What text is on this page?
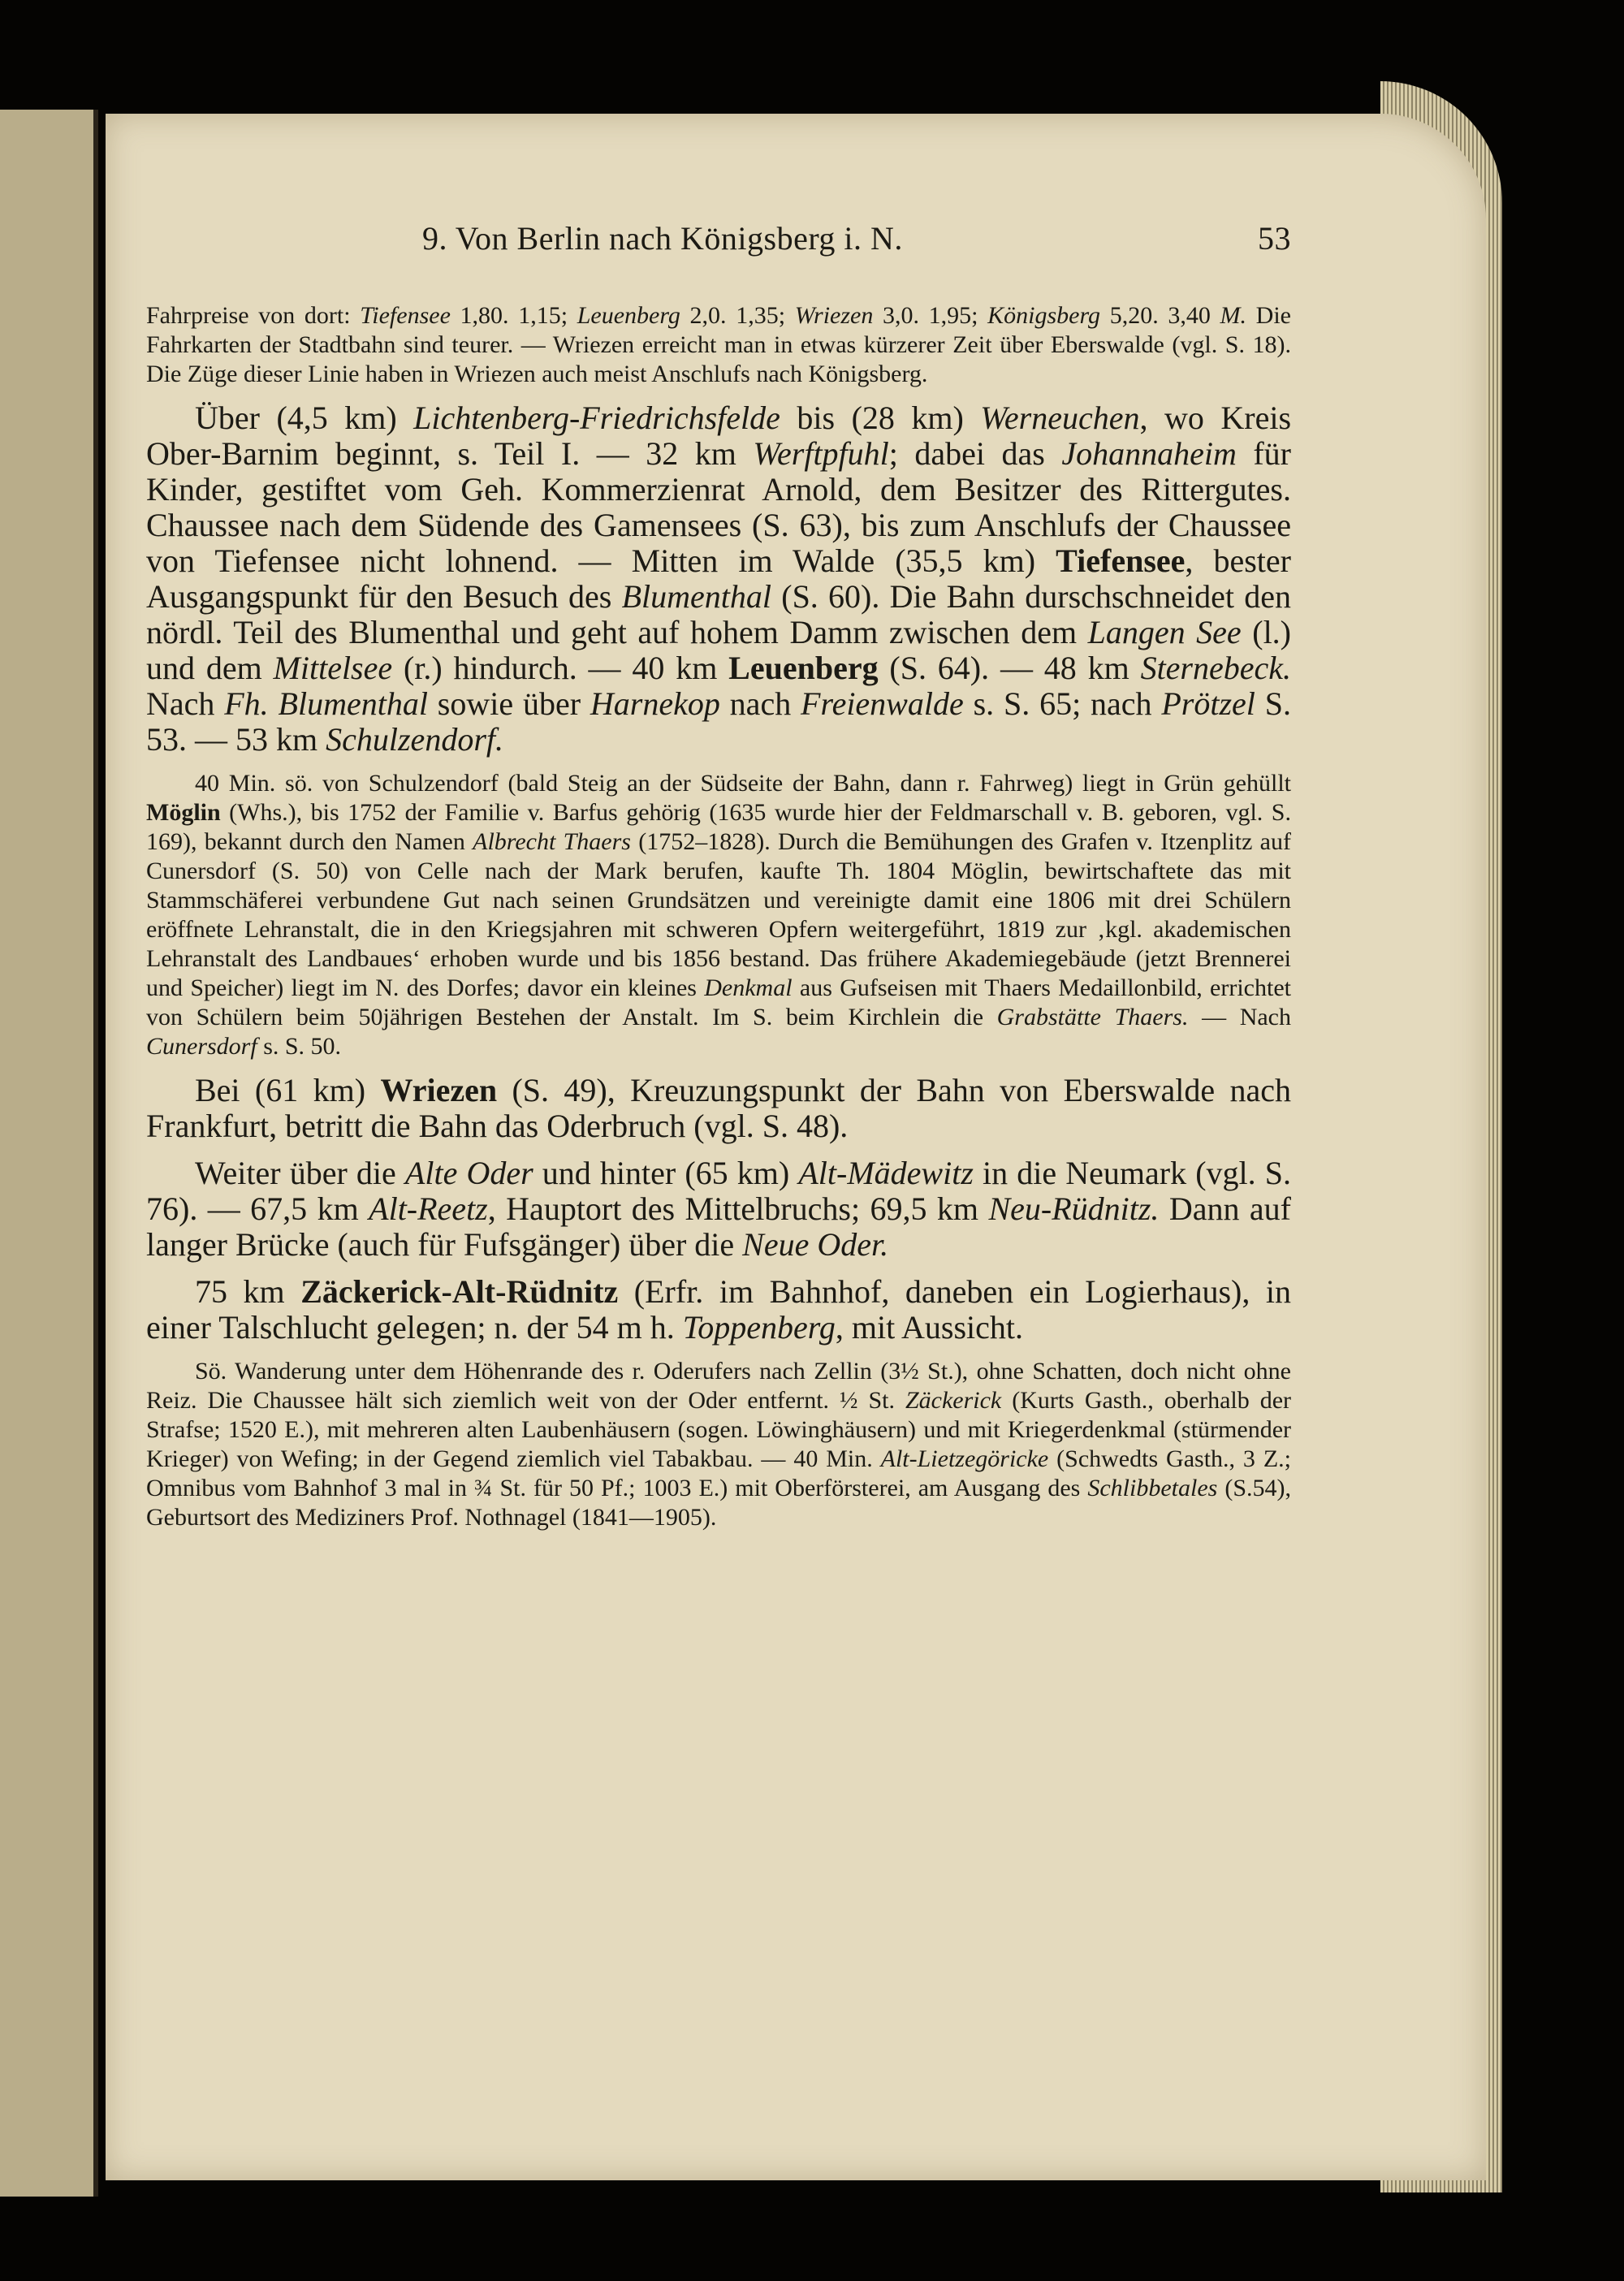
9. Von Berlin nach Königsberg i. N.	53

Fahrpreise von dort: Tiefensee 1,80. 1,15; Leuenberg 2,0. 1,35; Wriezen 3,0. 1,95; Königsberg 5,20. 3,40 M. Die Fahrkarten der Stadtbahn sind teurer. — Wriezen erreicht man in etwas kürzerer Zeit über Eberswalde (vgl. S. 18). Die Züge dieser Linie haben in Wriezen auch meist Anschlufs nach Königsberg.

Über (4,5 km) Lichtenberg-Friedrichsfelde bis (28 km) Werneuchen, wo Kreis Ober-Barnim beginnt, s. Teil I. — 32 km Werftpfuhl; dabei das Johannaheim für Kinder, gestiftet vom Geh. Kommerzienrat Arnold, dem Besitzer des Rittergutes. Chaussee nach dem Südende des Gamensees (S. 63), bis zum Anschlufs der Chaussee von Tiefensee nicht lohnend. — Mitten im Walde (35,5 km) Tiefensee, bester Ausgangspunkt für den Besuch des Blumenthal (S. 60). Die Bahn durschschneidet den nördl. Teil des Blumenthal und geht auf hohem Damm zwischen dem Langen See (l.) und dem Mittelsee (r.) hindurch. — 40 km Leuenberg (S. 64). — 48 km Sternebeck. Nach Fh. Blumenthal sowie über Harnekop nach Freienwalde s. S. 65; nach Prötzel S. 53. — 53 km Schulzendorf.

40 Min. sö. von Schulzendorf (bald Steig an der Südseite der Bahn, dann r. Fahrweg) liegt in Grün gehüllt Möglin (Whs.), bis 1752 der Familie v. Barfus gehörig (1635 wurde hier der Feldmarschall v. B. geboren, vgl. S. 169), bekannt durch den Namen Albrecht Thaers (1752–1828). Durch die Bemühungen des Grafen v. Itzenplitz auf Cunersdorf (S. 50) von Celle nach der Mark berufen, kaufte Th. 1804 Möglin, bewirtschaftete das mit Stammschäferei verbundene Gut nach seinen Grundsätzen und vereinigte damit eine 1806 mit drei Schülern eröffnete Lehranstalt, die in den Kriegsjahren mit schweren Opfern weitergeführt, 1819 zur ‚kgl. akademischen Lehranstalt des Landbaues‘ erhoben wurde und bis 1856 bestand. Das frühere Akademiegebäude (jetzt Brennerei und Speicher) liegt im N. des Dorfes; davor ein kleines Denkmal aus Gufseisen mit Thaers Medaillonbild, errichtet von Schülern beim 50jährigen Bestehen der Anstalt. Im S. beim Kirchlein die Grabstätte Thaers. — Nach Cunersdorf s. S. 50.

Bei (61 km) Wriezen (S. 49), Kreuzungspunkt der Bahn von Eberswalde nach Frankfurt, betritt die Bahn das Oderbruch (vgl. S. 48).

Weiter über die Alte Oder und hinter (65 km) Alt-Mädewitz in die Neumark (vgl. S. 76). — 67,5 km Alt-Reetz, Hauptort des Mittelbruchs; 69,5 km Neu-Rüdnitz. Dann auf langer Brücke (auch für Fufsgänger) über die Neue Oder.

75 km Zäckerick-Alt-Rüdnitz (Erfr. im Bahnhof, daneben ein Logierhaus), in einer Talschlucht gelegen; n. der 54 m h. Toppenberg, mit Aussicht.

Sö. Wanderung unter dem Höhenrande des r. Oderufers nach Zellin (3½ St.), ohne Schatten, doch nicht ohne Reiz. Die Chaussee hält sich ziemlich weit von der Oder entfernt. ½ St. Zäckerick (Kurts Gasth., oberhalb der Strafse; 1520 E.), mit mehreren alten Laubenhäusern (sogen. Löwinghäusern) und mit Kriegerdenkmal (stürmender Krieger) von Wefing; in der Gegend ziemlich viel Tabakbau. — 40 Min. Alt-Lietzegöricke (Schwedts Gasth., 3 Z.; Omnibus vom Bahnhof 3 mal in ¾ St. für 50 Pf.; 1003 E.) mit Oberförsterei, am Ausgang des Schlibbetales (S.54), Geburtsort des Mediziners Prof. Nothnagel (1841—1905).
